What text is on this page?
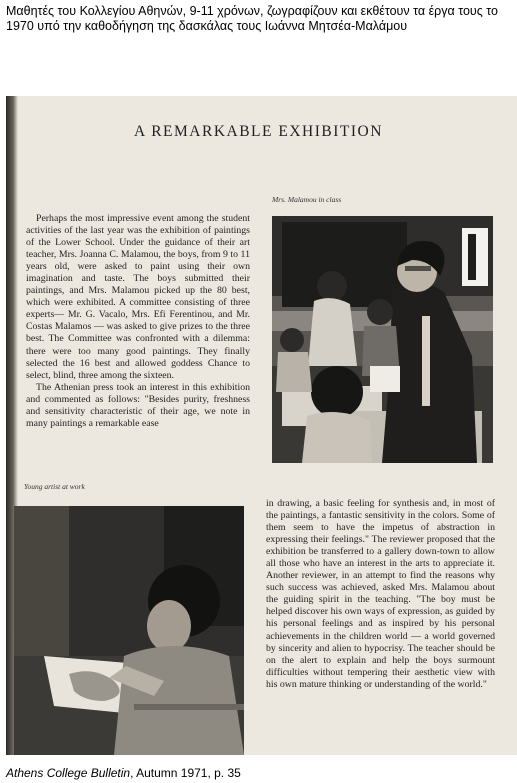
Μαθητές του Κολλεγίου Αθηνών, 9-11 χρόνων, ζωγραφίζουν και εκθέτουν τα έργα τους το 1970 υπό την καθοδήγηση της δασκάλας τους Ιωάννα Μητσέα-Μαλάμου
A REMARKABLE EXHIBITION
Mrs. Malamou in class

Perhaps the most impressive event among the student activities of the last year was the exhibition of paintings of the Lower School. Under the guidance of their art teacher, Mrs. Joanna C. Malamou, the boys, from 9 to 11 years old, were asked to paint using their own imagination and taste. The boys submitted their paintings, and Mrs. Malamou picked up the 80 best, which were exhibited. A committee consisting of three experts— Mr. G. Vacalo, Mrs. Efi Ferentinou, and Mr. Costas Malamos — was asked to give prizes to the three best. The Committee was confronted with a dilemma: there were too many good paintings. They finally selected the 16 best and allowed goddess Chance to select, blind, three among the sixteen.

The Athenian press took an interest in this exhibition and commented as follows: "Besides purity, freshness and sensitivity characteristic of their age, we note in many paintings a remarkable ease

Young artist at work

in drawing, a basic feeling for synthesis and, in most of the paintings, a fantastic sensitivity in the colors. Some of them seem to have the impetus of abstraction in expressing their feelings." The reviewer proposed that the exhibition be transferred to a gallery down-town to allow all those who have an interest in the arts to appreciate it. Another reviewer, in an attempt to find the reasons why such success was achieved, asked Mrs. Malamou about the guiding spirit in the teaching. "The boy must be helped discover his own ways of expression, as guided by his personal feelings and as inspired by his personal achievements in the children world — a world governed by sincerity and alien to hypocrisy. The teacher should be on the alert to explain and help the boys surmount difficulties without tempering their aesthetic view with his own mature thinking or understanding of the world."

Athens College Bulletin, Autumn 1971, p. 35
